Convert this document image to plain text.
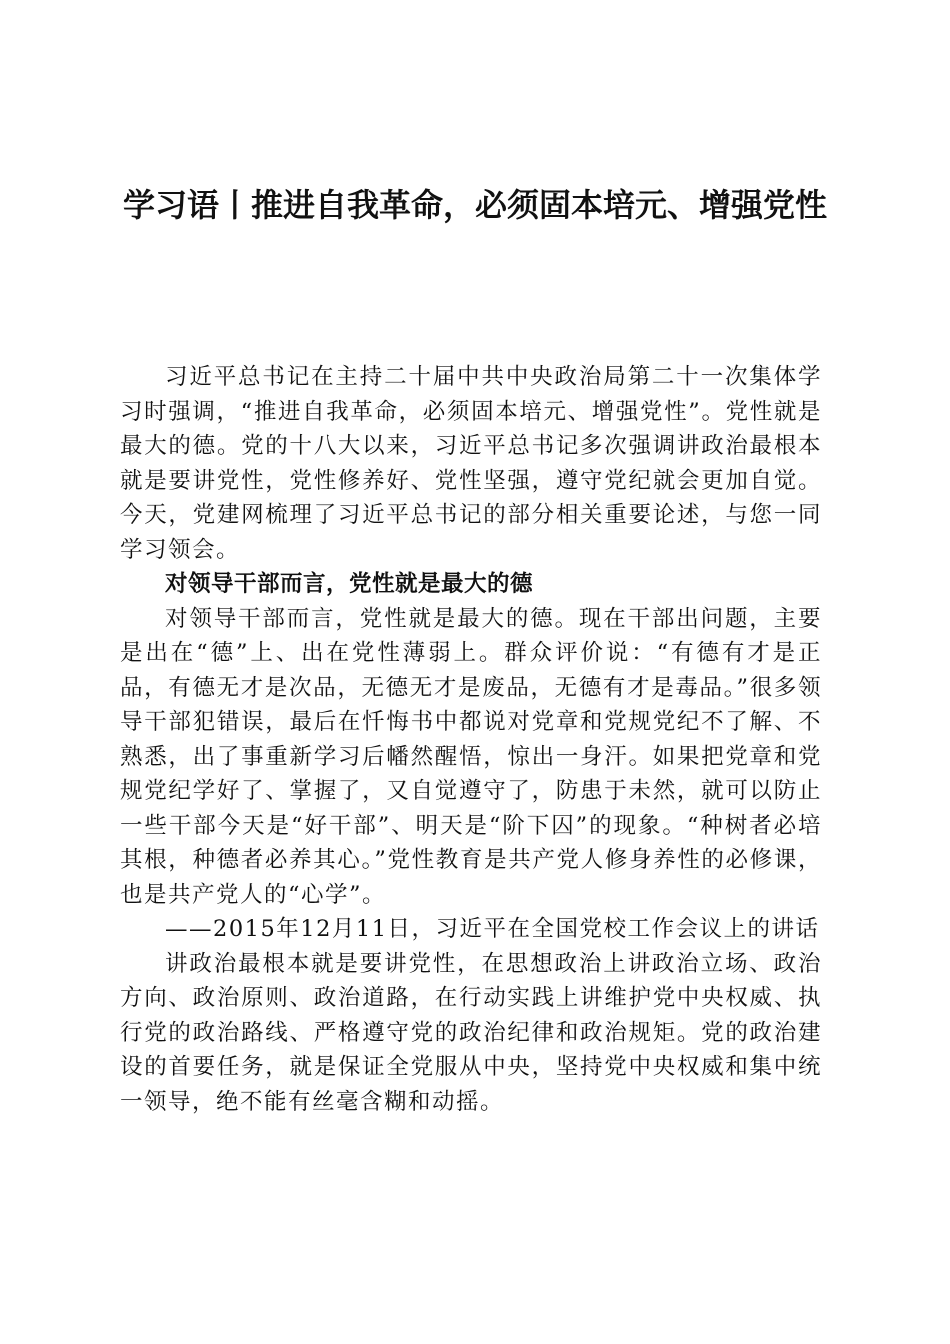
学习语丨推进自我革命，必须固本培元、增强党性

习近平总书记在主持二十届中共中央政治局第二十一次集体学习时强调，“推进自我革命，必须固本培元、增强党性”。党性就是最大的德。党的十八大以来，习近平总书记多次强调讲政治最根本就是要讲党性，党性修养好、党性坚强，遵守党纪就会更加自觉。今天，党建网梳理了习近平总书记的部分相关重要论述，与您一同学习领会。

对领导干部而言，党性就是最大的德

对领导干部而言，党性就是最大的德。现在干部出问题，主要是出在“德”上、出在党性薄弱上。群众评价说：“有德有才是正品，有德无才是次品，无德无才是废品，无德有才是毒品。”很多领导干部犯错误，最后在忏悔书中都说对党章和党规党纪不了解、不熟悉，出了事重新学习后幡然醒悟，惊出一身汗。如果把党章和党规党纪学好了、掌握了，又自觉遵守了，防患于未然，就可以防止一些干部今天是“好干部”、明天是“阶下囚”的现象。“种树者必培其根，种德者必养其心。”党性教育是共产党人修身养性的必修课，也是共产党人的“心学”。

——2015年12月11日，习近平在全国党校工作会议上的讲话

讲政治最根本就是要讲党性，在思想政治上讲政治立场、政治方向、政治原则、政治道路，在行动实践上讲维护党中央权威、执行党的政治路线、严格遵守党的政治纪律和政治规矩。党的政治建设的首要任务，就是保证全党服从中央，坚持党中央权威和集中统一领导，绝不能有丝毫含糊和动摇。
